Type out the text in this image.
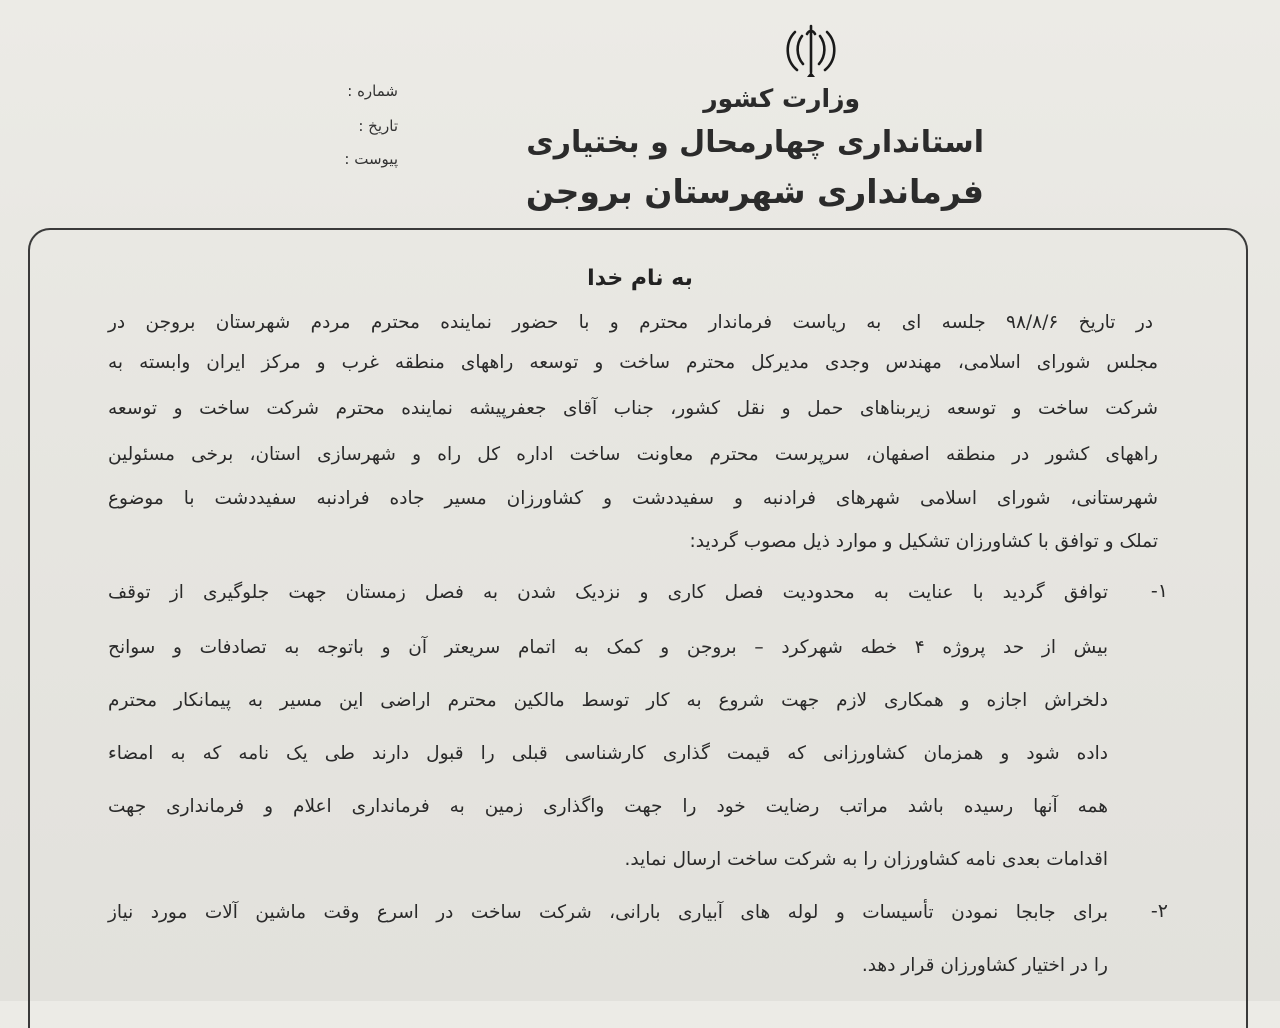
وزارت کشور
استانداری چهارمحال و بختیاری
فرمانداری شهرستان بروجن
شماره :
تاریخ :
پیوست :
به نام خدا
در تاریخ ۹۸/۸/۶ جلسه ای به ریاست فرماندار محترم و با حضور نماینده محترم مردم شهرستان بروجن در
مجلس شورای اسلامی، مهندس وجدی مدیرکل محترم ساخت و توسعه راههای منطقه غرب و مرکز ایران وابسته به
شرکت ساخت و توسعه زیربناهای حمل و نقل کشور، جناب آقای جعفرپیشه نماینده محترم شرکت ساخت و توسعه
راههای کشور در منطقه اصفهان، سرپرست محترم معاونت ساخت اداره کل راه و شهرسازی استان، برخی مسئولین
شهرستانی، شورای اسلامی شهرهای فرادنبه و سفیددشت و کشاورزان مسیر جاده فرادنبه سفیددشت با موضوع
تملک و توافق با کشاورزان تشکیل و موارد ذیل مصوب گردید:
۱-
توافق گردید با عنایت به محدودیت فصل کاری و نزدیک شدن به فصل زمستان جهت جلوگیری از توقف
بیش از حد پروژه ۴ خطه شهرکرد – بروجن و کمک به اتمام سریعتر آن و باتوجه به تصادفات و سوانح
دلخراش اجازه و همکاری لازم جهت شروع به کار توسط مالکین محترم اراضی این مسیر به پیمانکار محترم
داده شود و همزمان کشاورزانی که قیمت گذاری کارشناسی قبلی را قبول دارند طی یک نامه که به امضاء
همه آنها رسیده باشد مراتب رضایت خود را جهت واگذاری زمین به فرمانداری اعلام و فرمانداری جهت
اقدامات بعدی نامه کشاورزان را به شرکت ساخت ارسال نماید.
۲-
برای جابجا نمودن تأسیسات و لوله های آبیاری بارانی، شرکت ساخت در اسرع وقت ماشین آلات مورد نیاز
را در اختیار کشاورزان قرار دهد.
